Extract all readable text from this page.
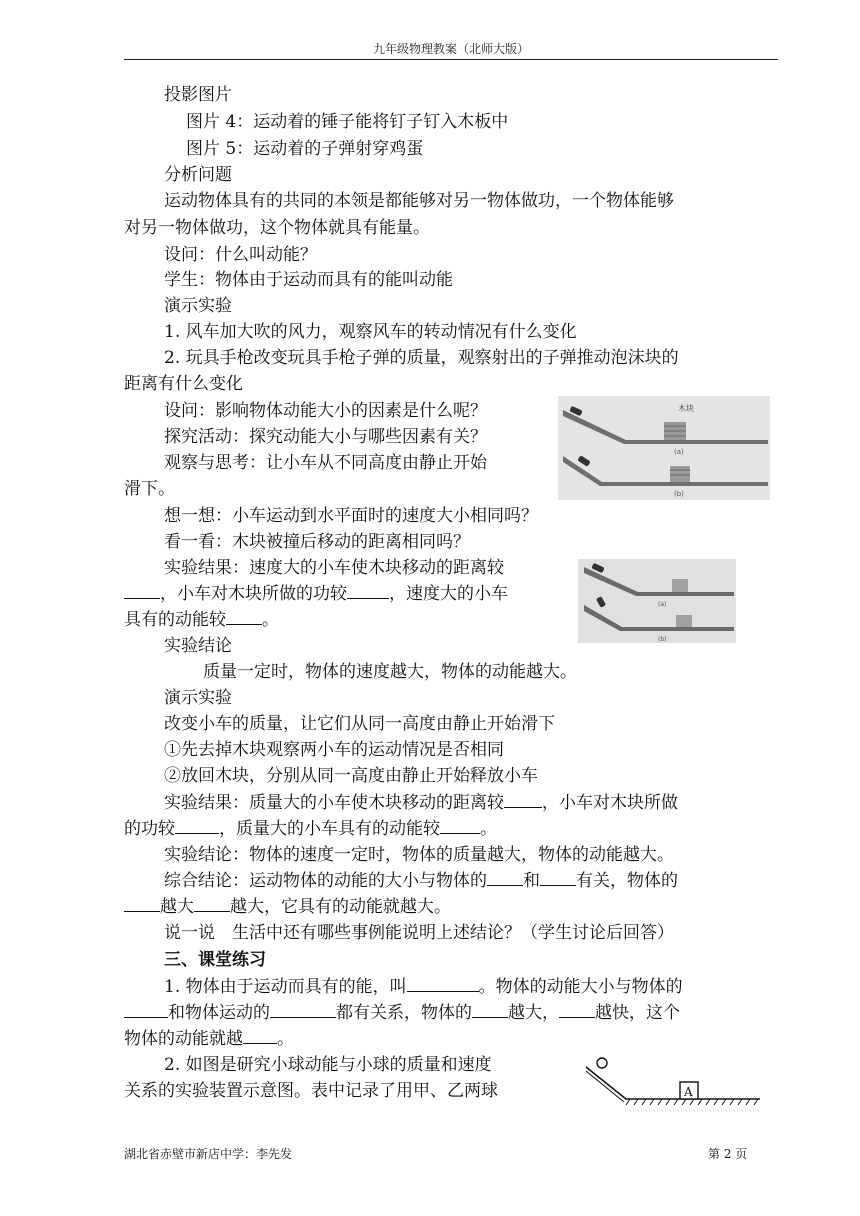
九年级物理教案（北师大版）
投影图片
图片 4：运动着的锤子能将钉子钉入木板中
图片 5：运动着的子弹射穿鸡蛋
分析问题
运动物体具有的共同的本领是都能够对另一物体做功，一个物体能够
对另一物体做功，这个物体就具有能量。
设问：什么叫动能？
学生：物体由于运动而具有的能叫动能
演示实验
1. 风车加大吹的风力，观察风车的转动情况有什么变化
2. 玩具手枪改变玩具手枪子弹的质量，观察射出的子弹推动泡沫块的
距离有什么变化
设问：影响物体动能大小的因素是什么呢？
探究活动：探究动能大小与哪些因素有关？
观察与思考：让小车从不同高度由静止开始
滑下。
木块
(a)
(b)
想一想：小车运动到水平面时的速度大小相同吗？
看一看：木块被撞后移动的距离相同吗？
实验结果：速度大的小车使木块移动的距离较
，小车对木块所做的功较 ，速度大的小车
具有的动能较 。
(a)
(b)
实验结论
质量一定时，物体的速度越大，物体的动能越大。
演示实验
改变小车的质量，让它们从同一高度由静止开始滑下
①先去掉木块观察两小车的运动情况是否相同
②放回木块，分别从同一高度由静止开始释放小车
实验结果：质量大的小车使木块移动的距离较 ，小车对木块所做
的功较	，质量大的小车具有的动能较 。
实验结论：物体的速度一定时，物体的质量越大，物体的动能越大。
综合结论：运动物体的动能的大小与物体的 和 有关，物体的
越大 越大，它具有的动能就越大。
说一说　生活中还有哪些事例能说明上述结论？（学生讨论后回答）
三、课堂练习
1. 物体由于运动而具有的能，叫	。物体的动能大小与物体的
和物体运动的	都有关系，物体的 越大， 越快，这个
物体的动能就越 。
2. 如图是研究小球动能与小球的质量和速度
关系的实验装置示意图。表中记录了用甲、乙两球	A
湖北省赤壁市新店中学：李先发	第 2 页
